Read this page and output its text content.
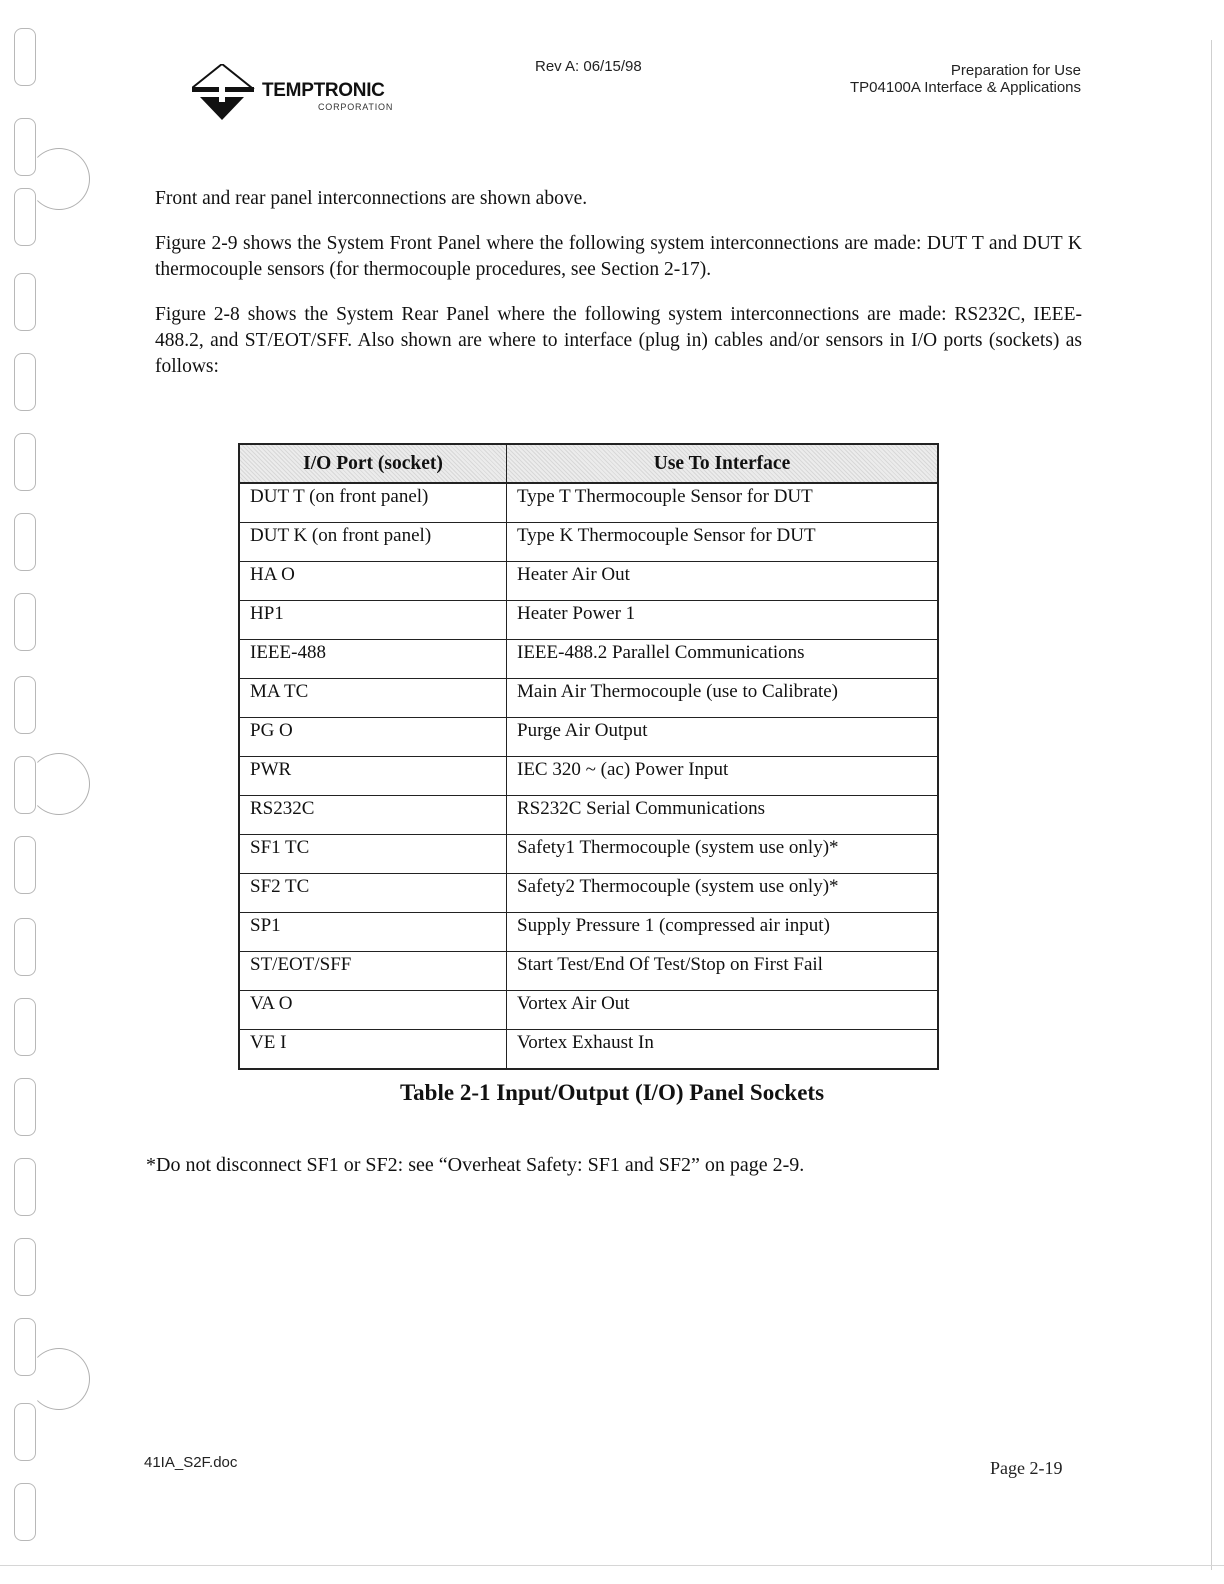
TEMPTRONIC
CORPORATION
Rev A: 06/15/98	Preparation for Use
TP04100A Interface & Applications

Front and rear panel interconnections are shown above.

Figure 2-9 shows the System Front Panel where the following system interconnections are made: DUT T and DUT K thermocouple sensors (for thermocouple procedures, see Section 2-17).

Figure 2-8 shows the System Rear Panel where the following system interconnections are made: RS232C, IEEE-488.2, and ST/EOT/SFF. Also shown are where to interface (plug in) cables and/or sensors in I/O ports (sockets) as follows:

I/O Port (socket)	Use To Interface
DUT T (on front panel)	Type T Thermocouple Sensor for DUT
DUT K (on front panel)	Type K Thermocouple Sensor for DUT
HA O	Heater Air Out
HP1	Heater Power 1
IEEE-488	IEEE-488.2 Parallel Communications
MA TC	Main Air Thermocouple (use to Calibrate)
PG O	Purge Air Output
PWR	IEC 320 ~ (ac) Power Input
RS232C	RS232C Serial Communications
SF1 TC	Safety1 Thermocouple (system use only)*
SF2 TC	Safety2 Thermocouple (system use only)*
SP1	Supply Pressure 1 (compressed air input)
ST/EOT/SFF	Start Test/End Of Test/Stop on First Fail
VA O	Vortex Air Out
VE I	Vortex Exhaust In
Table 2-1 Input/Output (I/O) Panel Sockets
*Do not disconnect SF1 or SF2: see “Overheat Safety: SF1 and SF2” on page 2-9.
41IA_S2F.doc	Page 2-19
